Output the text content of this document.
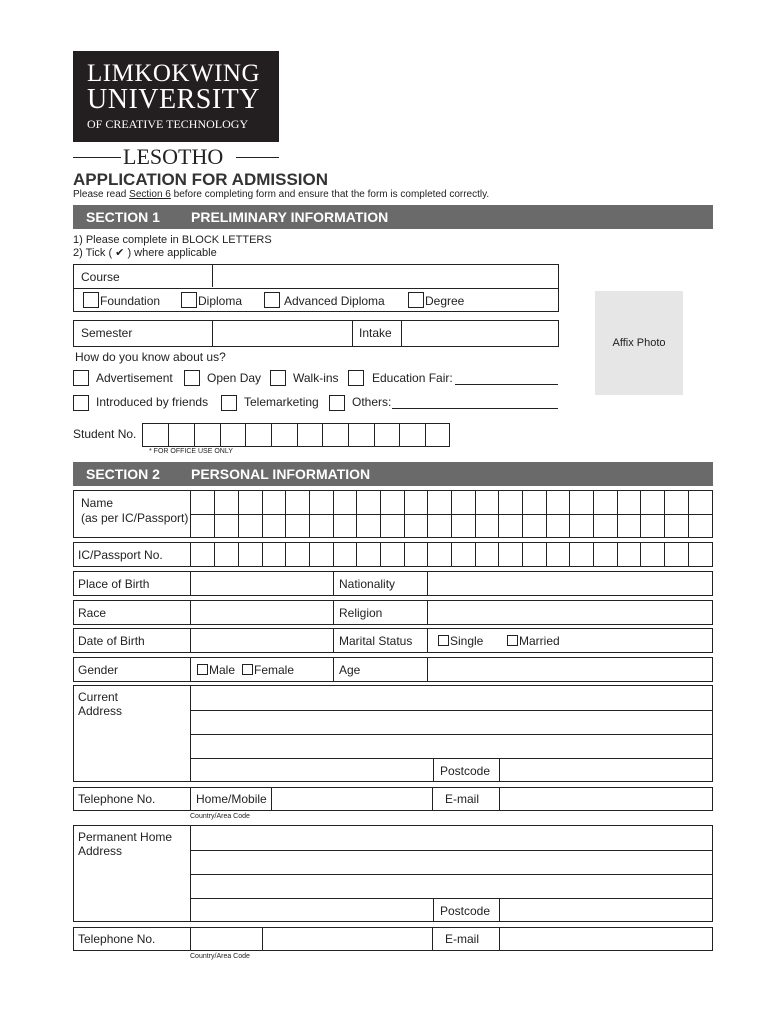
LIMKOKWING
UNIVERSITY
OF CREATIVE TECHNOLOGY
LESOTHO
APPLICATION FOR ADMISSION
Please read Section 6 before completing form and ensure that the form is completed correctly.
SECTION 1 PRELIMINARY INFORMATION
1) Please complete in BLOCK LETTERS
2) Tick ( ✔ ) where applicable
Course
Foundation	Diploma	Advanced Diploma	Degree
Semester	Intake
Affix Photo
How do you know about us?
Advertisement	Open Day	Walk-ins	Education Fair:
Introduced by friends	Telemarketing	Others:
Student No.
* FOR OFFICE USE ONLY
SECTION 2 PERSONAL INFORMATION
Name
(as per IC/Passport)
IC/Passport No.
Place of Birth	Nationality
Race	Religion
Date of Birth	Marital Status	Single	Married
Gender	Male Female	Age
Current
Address
Postcode
Telephone No.	Home/Mobile	E-mail
Country/Area Code
Permanent Home
Address
Postcode
Telephone No.	E-mail
Country/Area Code
